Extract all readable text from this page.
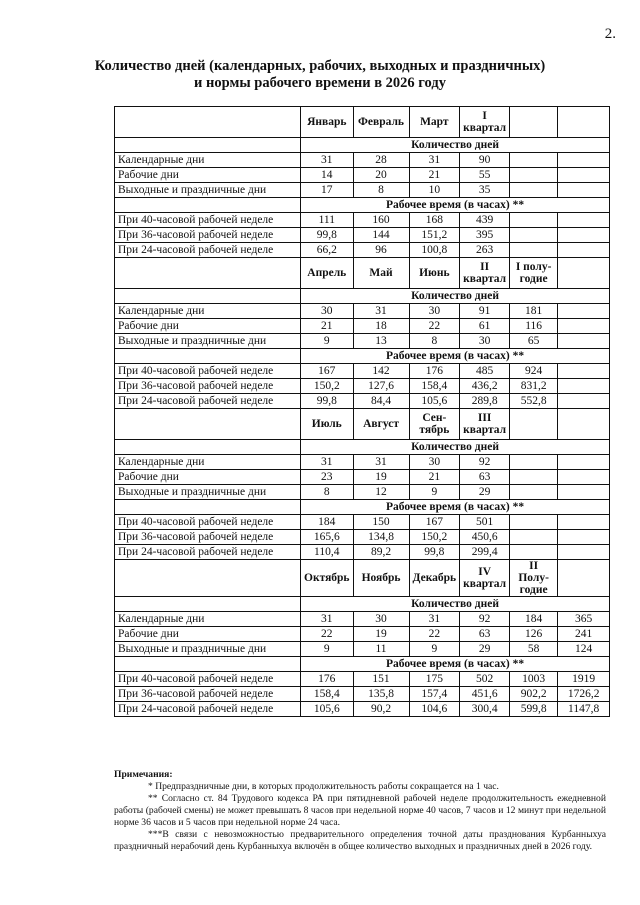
2.
Количество дней (календарных, рабочих, выходных и праздничных)
и нормы рабочего времени в 2026 году
	Январь	Февраль	Март	I квартал		
	Количество дней					
Календарные дни	31	28	31	90		
Рабочие дни	14	20	21	55		
Выходные и праздничные дни	17	8	10	35		
	Рабочее время (в часах) **					
При 40-часовой рабочей неделе	111	160	168	439		
При 36-часовой рабочей неделе	99,8	144	151,2	395		
При 24-часовой рабочей неделе	66,2	96	100,8	263		
	Апрель	Май	Июнь	II квартал	I полу-годие	
	Количество дней					
Календарные дни	30	31	30	91	181	
Рабочие дни	21	18	22	61	116	
Выходные и праздничные дни	9	13	8	30	65	
	Рабочее время (в часах) **					
При 40-часовой рабочей неделе	167	142	176	485	924	
При 36-часовой рабочей неделе	150,2	127,6	158,4	436,2	831,2	
При 24-часовой рабочей неделе	99,8	84,4	105,6	289,8	552,8	
	Июль	Август	Сен-тябрь	III квартал		
	Количество дней					
Календарные дни	31	31	30	92		
Рабочие дни	23	19	21	63		
Выходные и праздничные дни	8	12	9	29		
	Рабочее время (в часах) **					
При 40-часовой рабочей неделе	184	150	167	501		
При 36-часовой рабочей неделе	165,6	134,8	150,2	450,6		
При 24-часовой рабочей неделе	110,4	89,2	99,8	299,4		
	Октябрь	Ноябрь	Декабрь	IV квартал	II Полу-годие	
	Количество дней					
Календарные дни	31	30	31	92	184	365
Рабочие дни	22	19	22	63	126	241
Выходные и праздничные дни	9	11	9	29	58	124
	Рабочее время (в часах) **					
При 40-часовой рабочей неделе	176	151	175	502	1003	1919
При 36-часовой рабочей неделе	158,4	135,8	157,4	451,6	902,2	1726,2
При 24-часовой рабочей неделе	105,6	90,2	104,6	300,4	599,8	1147,8
Примечания:

* Предпраздничные дни, в которых продолжительность работы сокращается на 1 час.

** Согласно ст. 84 Трудового кодекса РА при пятидневной рабочей неделе продолжительность ежедневной работы (рабочей смены) не может превышать 8 часов при недельной норме 40 часов, 7 часов и 12 минут при недельной норме 36 часов и 5 часов при недельной норме 24 часа.

***В связи с невозможностью предварительного определения точной даты празднования Курбанныхуа праздничный нерабочий день Курбанныхуа включён в общее количество выходных и праздничных дней в 2026 году.
